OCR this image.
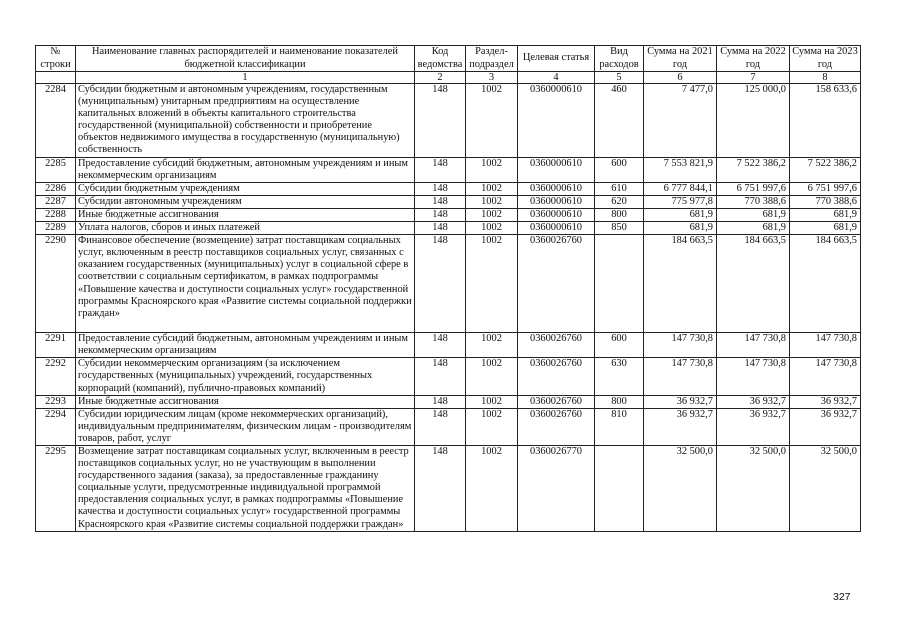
№ строки	Наименование главных распорядителей и наименование показателей бюджетной классификации	Код ведомства	Раздел-подраздел	Целевая статья	Вид расходов	Сумма на 2021 год	Сумма на 2022 год	Сумма на 2023 год
	1	2	3	4	5	6	7	8
2284	Субсидии бюджетным и автономным учреждениям, государственным (муниципальным) унитарным предприятиям на осуществление капитальных вложений в объекты капитального строительства государственной (муниципальной) собственности и приобретение объектов недвижимого имущества в государственную (муниципальную) собственность	148	1002	0360000610	460	7 477,0	125 000,0	158 633,6
2285	Предоставление субсидий бюджетным, автономным учреждениям и иным некоммерческим организациям	148	1002	0360000610	600	7 553 821,9	7 522 386,2	7 522 386,2
2286	Субсидии бюджетным учреждениям	148	1002	0360000610	610	6 777 844,1	6 751 997,6	6 751 997,6
2287	Субсидии автономным учреждениям	148	1002	0360000610	620	775 977,8	770 388,6	770 388,6
2288	Иные бюджетные ассигнования	148	1002	0360000610	800	681,9	681,9	681,9
2289	Уплата налогов, сборов и иных платежей	148	1002	0360000610	850	681,9	681,9	681,9
2290	Финансовое обеспечение (возмещение) затрат поставщикам социальных услуг, включенным в реестр поставщиков социальных услуг, связанных с оказанием государственных (муниципальных) услуг в социальной сфере в соответствии с социальным сертификатом, в рамках подпрограммы «Повышение качества и доступности социальных услуг» государственной программы Красноярского края «Развитие системы социальной поддержки граждан»	148	1002	0360026760		184 663,5	184 663,5	184 663,5
2291	Предоставление субсидий бюджетным, автономным учреждениям и иным некоммерческим организациям	148	1002	0360026760	600	147 730,8	147 730,8	147 730,8
2292	Субсидии некоммерческим организациям (за исключением государственных (муниципальных) учреждений, государственных корпораций (компаний), публично-правовых компаний)	148	1002	0360026760	630	147 730,8	147 730,8	147 730,8
2293	Иные бюджетные ассигнования	148	1002	0360026760	800	36 932,7	36 932,7	36 932,7
2294	Субсидии юридическим лицам (кроме некоммерческих организаций), индивидуальным предпринимателям, физическим лицам - производителям товаров, работ, услуг	148	1002	0360026760	810	36 932,7	36 932,7	36 932,7
2295	Возмещение затрат поставщикам социальных услуг, включенным в реестр поставщиков социальных услуг, но не участвующим в выполнении государственного задания (заказа), за предоставленные гражданину социальные услуги, предусмотренные индивидуальной программой предоставления социальных услуг, в рамках подпрограммы «Повышение качества и доступности социальных услуг» государственной программы Красноярского края «Развитие системы социальной поддержки граждан»	148	1002	0360026770		32 500,0	32 500,0	32 500,0
327
